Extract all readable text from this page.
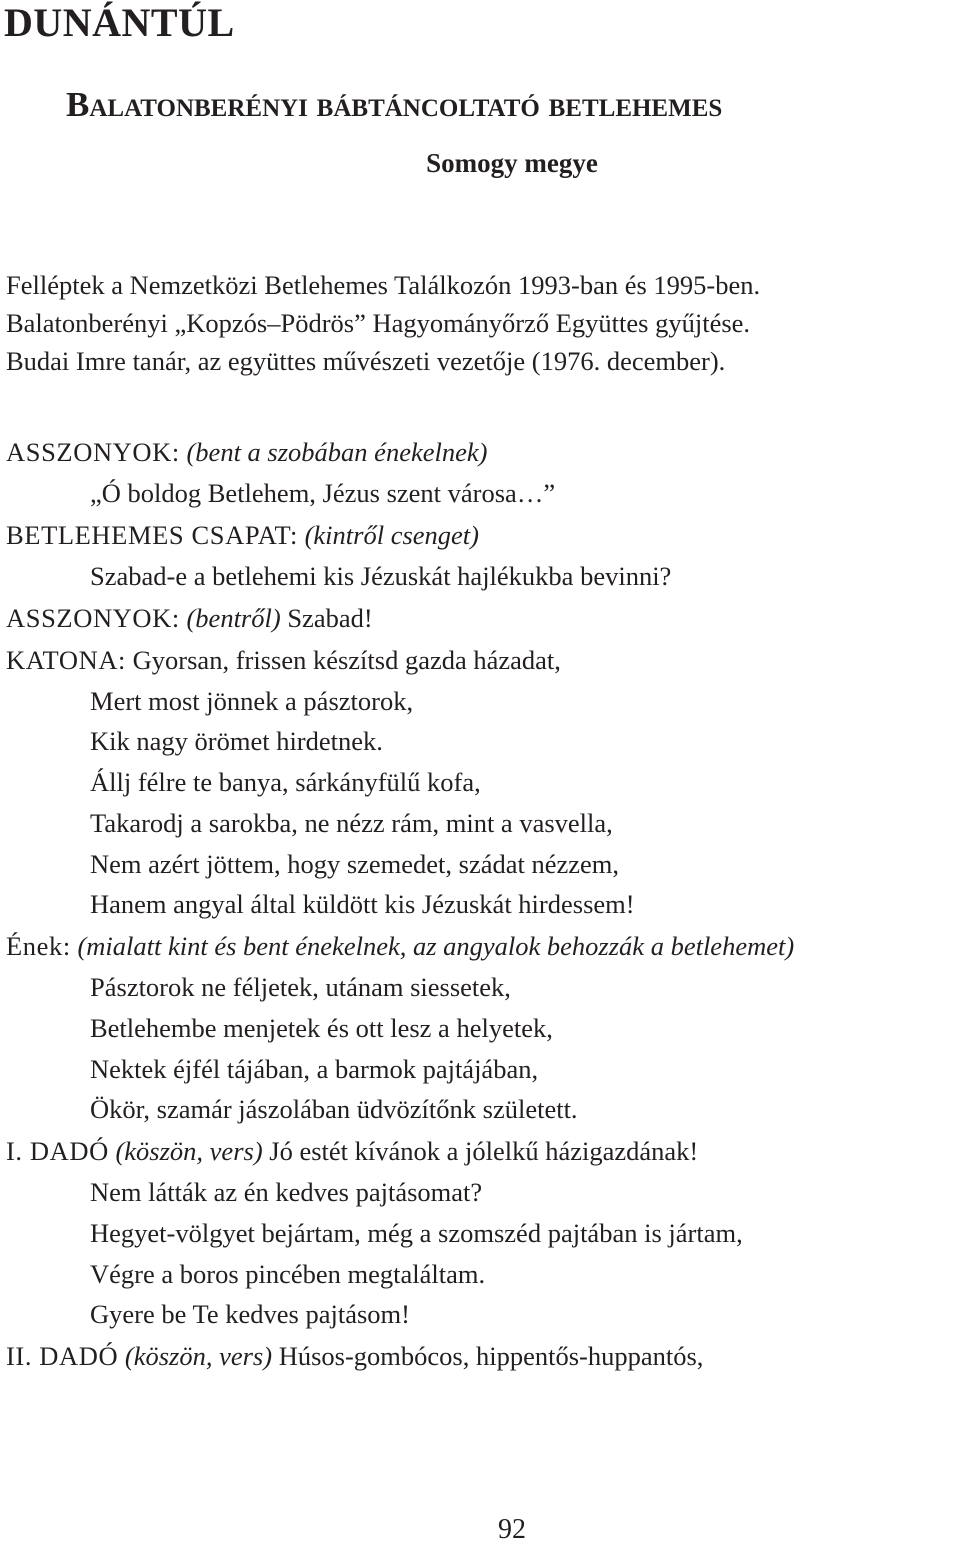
DUNÁNTÚL
Balatonberényi bábtáncoltató betlehemes
Somogy megye
Felléptek a Nemzetközi Betlehemes Találkozón 1993-ban és 1995-ben.
Balatonberényi „Kopzós–Pödrös” Hagyományőrző Együttes gyűjtése.
Budai Imre tanár, az együttes művészeti vezetője (1976. december).
ASSZONYOK: (bent a szobában énekelnek)
„Ó boldog Betlehem, Jézus szent városa…”
BETLEHEMES CSAPAT: (kintről csenget)
Szabad-e a betlehemi kis Jézuskát hajlékukba bevinni?
ASSZONYOK: (bentről) Szabad!
KATONA: Gyorsan, frissen készítsd gazda házadat,
Mert most jönnek a pásztorok,
Kik nagy örömet hirdetnek.
Állj félre te banya, sárkányfülű kofa,
Takarodj a sarokba, ne nézz rám, mint a vasvella,
Nem azért jöttem, hogy szemedet, szádat nézzem,
Hanem angyal által küldött kis Jézuskát hirdessem!
Ének: (mialatt kint és bent énekelnek, az angyalok behozzák a betlehemet)
Pásztorok ne féljetek, utánam siessetek,
Betlehembe menjetek és ott lesz a helyetek,
Nektek éjfél tájában, a barmok pajtájában,
Ökör, szamár jászolában üdvözítőnk született.
I. DADÓ (köszön, vers) Jó estét kívánok a jólelkű házigazdának!
Nem látták az én kedves pajtásomat?
Hegyet-völgyet bejártam, még a szomszéd pajtában is jártam,
Végre a boros pincében megtaláltam.
Gyere be Te kedves pajtásom!
II. DADÓ (köszön, vers) Húsos-gombócos, hippentős-huppantós,
92
